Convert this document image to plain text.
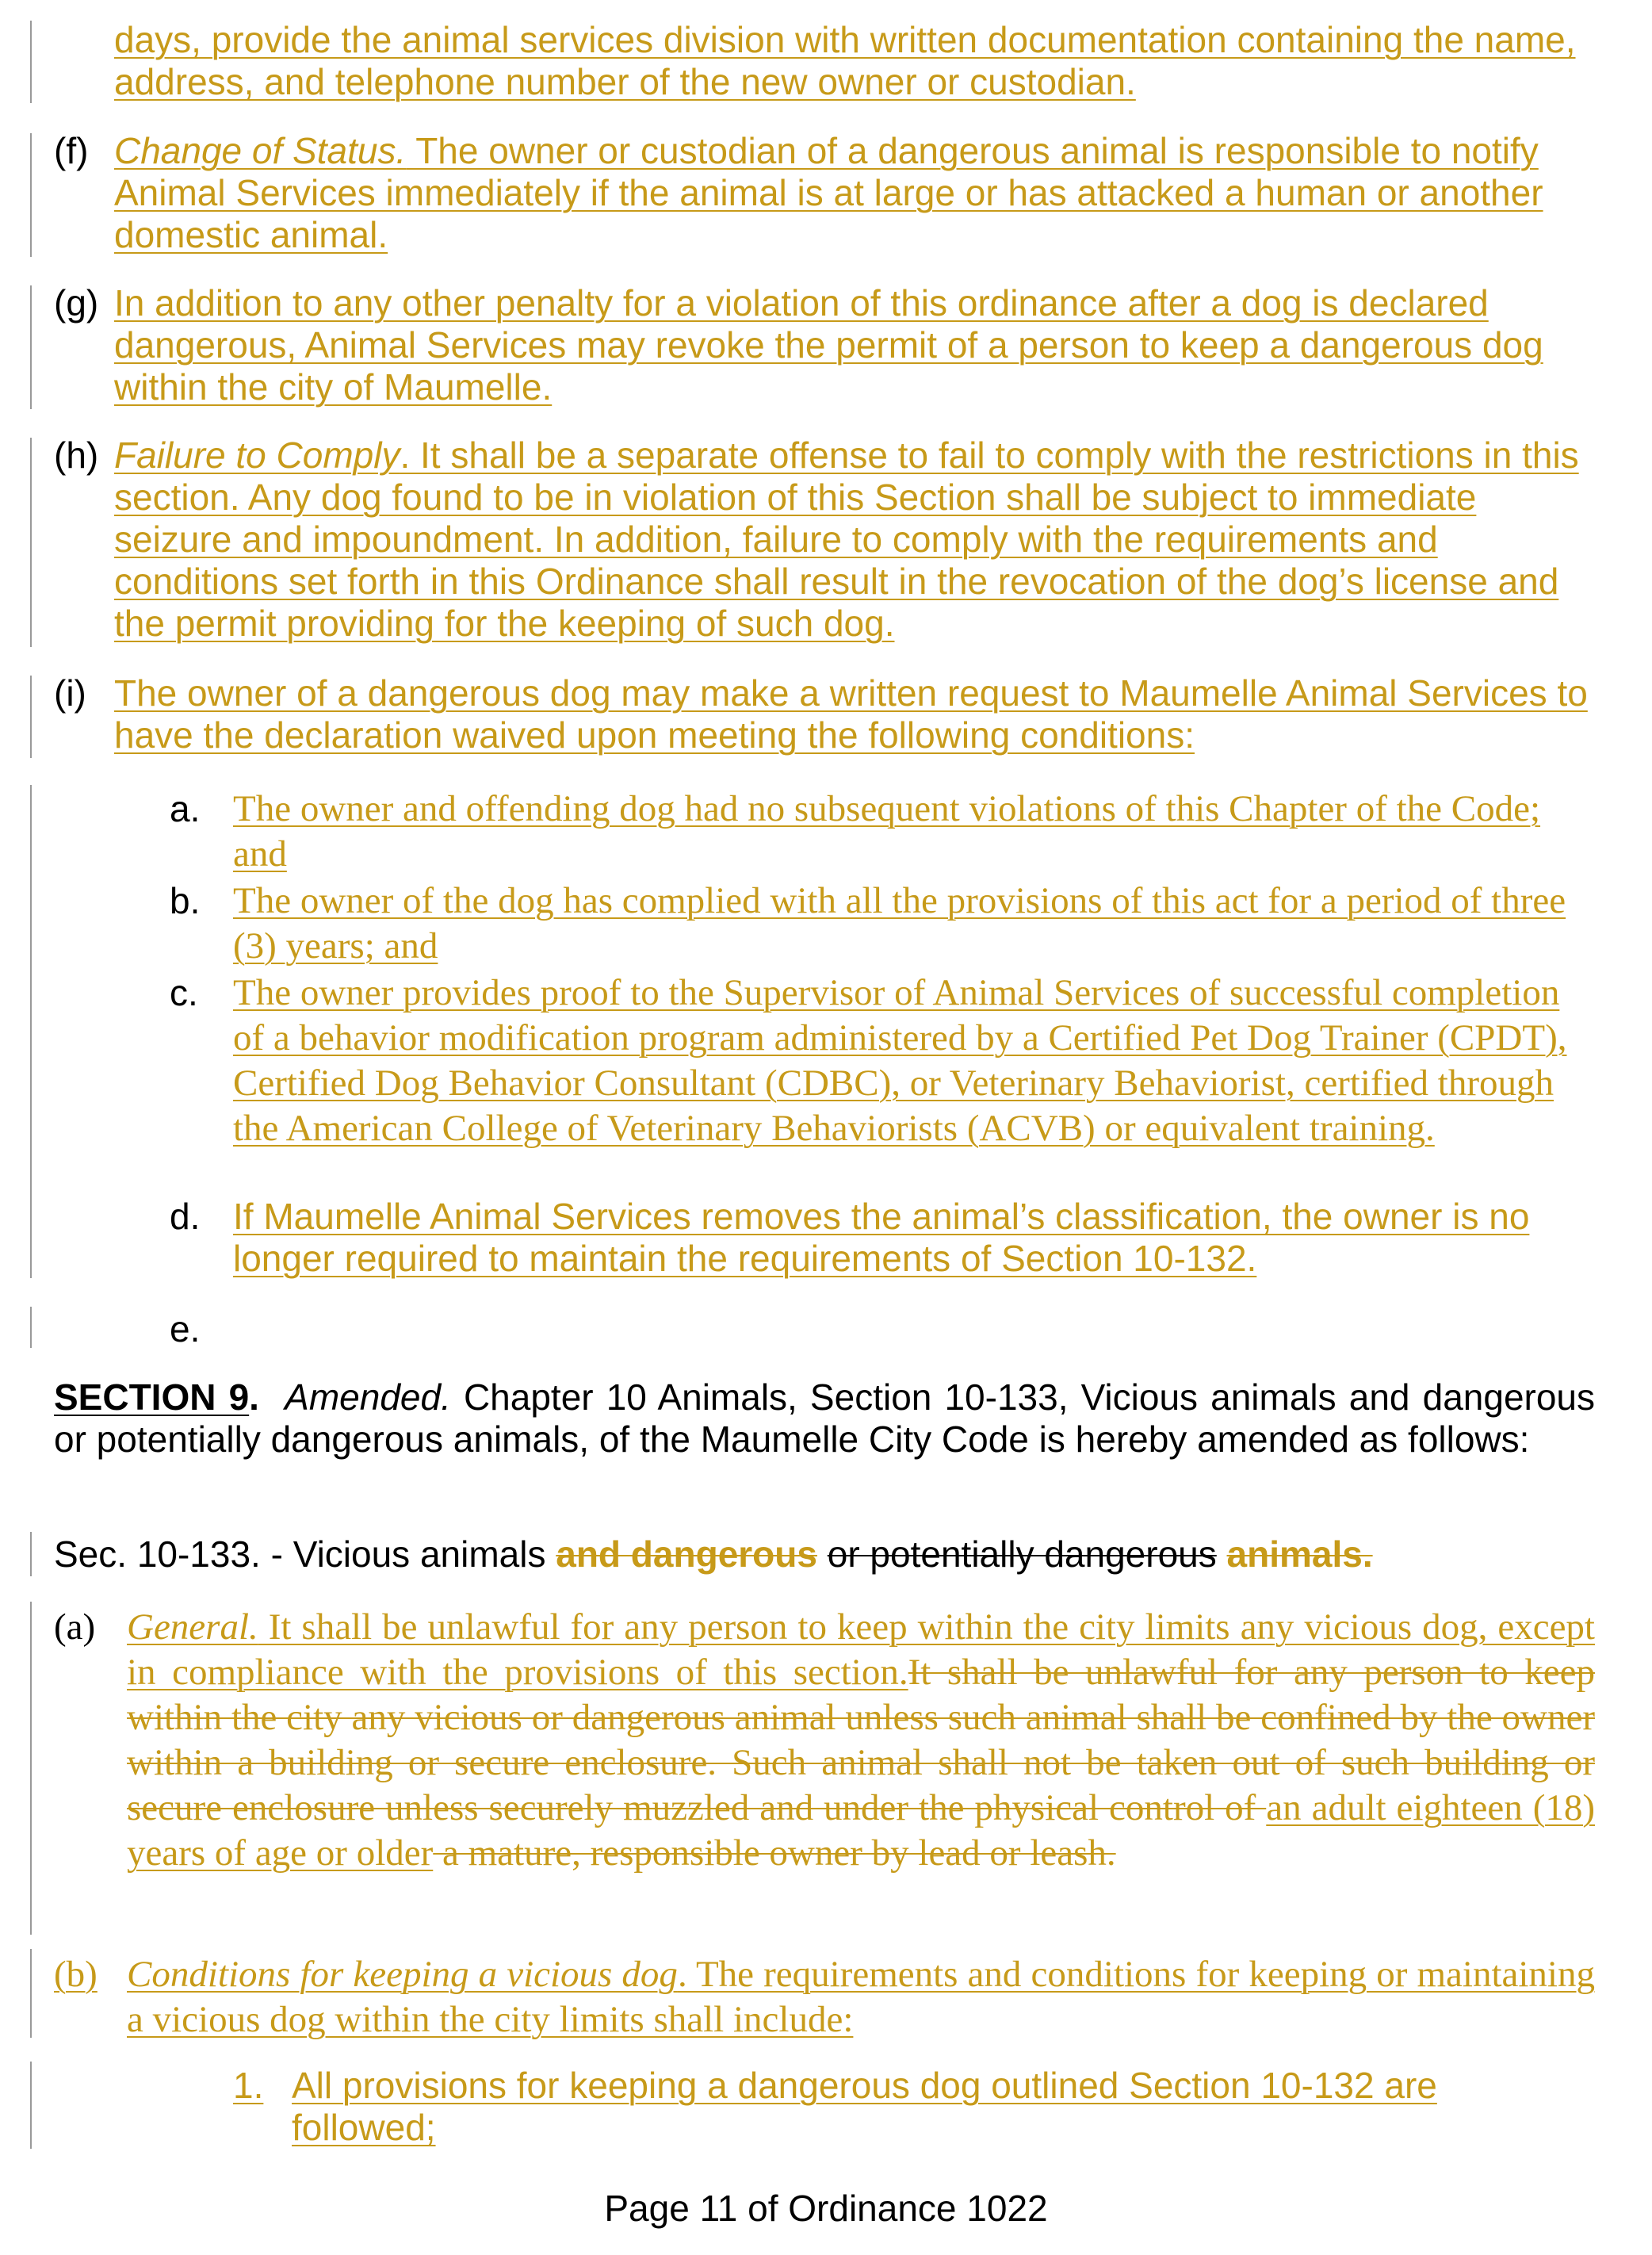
days, provide the animal services division with written documentation containing the name, address, and telephone number of the new owner or custodian.
(f) Change of Status. The owner or custodian of a dangerous animal is responsible to notify Animal Services immediately if the animal is at large or has attacked a human or another domestic animal.
(g) In addition to any other penalty for a violation of this ordinance after a dog is declared dangerous, Animal Services may revoke the permit of a person to keep a dangerous dog within the city of Maumelle.
(h) Failure to Comply. It shall be a separate offense to fail to comply with the restrictions in this section. Any dog found to be in violation of this Section shall be subject to immediate seizure and impoundment. In addition, failure to comply with the requirements and conditions set forth in this Ordinance shall result in the revocation of the dog’s license and the permit providing for the keeping of such dog.
(i) The owner of a dangerous dog may make a written request to Maumelle Animal Services to have the declaration waived upon meeting the following conditions:
a. The owner and offending dog had no subsequent violations of this Chapter of the Code; and
b. The owner of the dog has complied with all the provisions of this act for a period of three (3) years; and
c. The owner provides proof to the Supervisor of Animal Services of successful completion of a behavior modification program administered by a Certified Pet Dog Trainer (CPDT), Certified Dog Behavior Consultant (CDBC), or Veterinary Behaviorist, certified through the American College of Veterinary Behaviorists (ACVB) or equivalent training.
d. If Maumelle Animal Services removes the animal’s classification, the owner is no longer required to maintain the requirements of Section 10-132.
e.
SECTION 9. Amended. Chapter 10 Animals, Section 10-133, Vicious animals and dangerous or potentially dangerous animals, of the Maumelle City Code is hereby amended as follows:
Sec. 10-133. - Vicious animals and dangerous or potentially dangerous animals.
(a) General. It shall be unlawful for any person to keep within the city limits any vicious dog, except in compliance with the provisions of this section.It shall be unlawful for any person to keep within the city any vicious or dangerous animal unless such animal shall be confined by the owner within a building or secure enclosure. Such animal shall not be taken out of such building or secure enclosure unless securely muzzled and under the physical control of an adult eighteen (18) years of age or older a mature, responsible owner by lead or leash.
(b) Conditions for keeping a vicious dog. The requirements and conditions for keeping or maintaining a vicious dog within the city limits shall include:
1. All provisions for keeping a dangerous dog outlined Section 10-132 are followed;
Page 11 of Ordinance 1022
